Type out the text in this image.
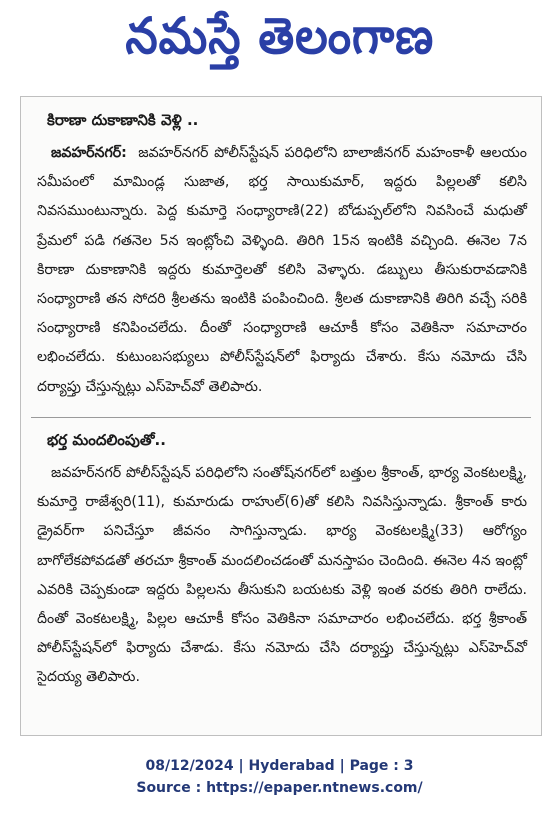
నమస్తే తెలంగాణ
కిరాణా దుకాణానికి వెళ్లి ..

జవహర్‌నగర్: జవహర్‌నగర్ పోలీస్‌స్టేషన్ పరిధిలోని బాలాజీనగర్ మహంకాళీ ఆలయం సమీపంలో మామిండ్ల సుజాత, భర్త సాయికుమార్, ఇద్దరు పిల్లలతో కలిసి నివసముంటున్నారు. పెద్ద కుమార్తె సంధ్యారాణి(22) బోడుప్పల్‌లోని నివసించే మధుతో ప్రేమలో పడి గతనెల 5న ఇంట్లోంచి వెళ్ళింది. తిరిగి 15న ఇంటికి వచ్చింది. ఈనెల 7న కిరాణా దుకాణానికి ఇద్దరు కుమార్తెలతో కలిసి వెళ్ళారు. డబ్బులు తీసుకురావడానికి సంధ్యారాణి తన సోదరి శ్రీలతను ఇంటికి పంపించింది. శ్రీలత దుకాణానికి తిరిగి వచ్చే సరికి సంధ్యారాణి కనిపించలేదు. దీంతో సంధ్యారాణి ఆచూకీ కోసం వెతికినా సమాచారం లభించలేదు. కుటుంబసభ్యులు పోలీస్‌స్టేషన్‌లో ఫిర్యాదు చేశారు. కేసు నమోదు చేసి దర్యాప్తు చేస్తున్నట్లు ఎస్‌హెచ్‌వో తెలిపారు.

భర్త మందలింపుతో..

జవహర్‌నగర్ పోలీస్‌స్టేషన్ పరిధిలోని సంతోష్‌నగర్‌లో బత్తుల శ్రీకాంత్, భార్య వెంకటలక్ష్మి, కుమార్తె రాజేశ్వరి(11), కుమారుడు రాహుల్(6)తో కలిసి నివసిస్తున్నాడు. శ్రీకాంత్ కారు డ్రైవర్‌గా పనిచేస్తూ జీవనం సాగిస్తున్నాడు. భార్య వెంకటలక్ష్మి(33) ఆరోగ్యం బాగోలేకపోవడతో తరచూ శ్రీకాంత్ మందలించడంతో మనస్తాపం చెందింది. ఈనెల 4న ఇంట్లో ఎవరికి చెప్పకుండా ఇద్దరు పిల్లలను తీసుకుని బయటకు వెళ్లి ఇంత వరకు తిరిగి రాలేదు. దీంతో వెంకటలక్ష్మి, పిల్లల ఆచూకీ కోసం వెతికినా సమాచారం లభించలేదు. భర్త శ్రీకాంత్ పోలీస్‌స్టేషన్‌లో ఫిర్యాదు చేశాడు. కేసు నమోదు చేసి దర్యాప్తు చేస్తున్నట్లు ఎస్‌హెచ్‌వో సైదయ్య తెలిపారు.

08/12/2024 | Hyderabad | Page : 3
Source : https://epaper.ntnews.com/
